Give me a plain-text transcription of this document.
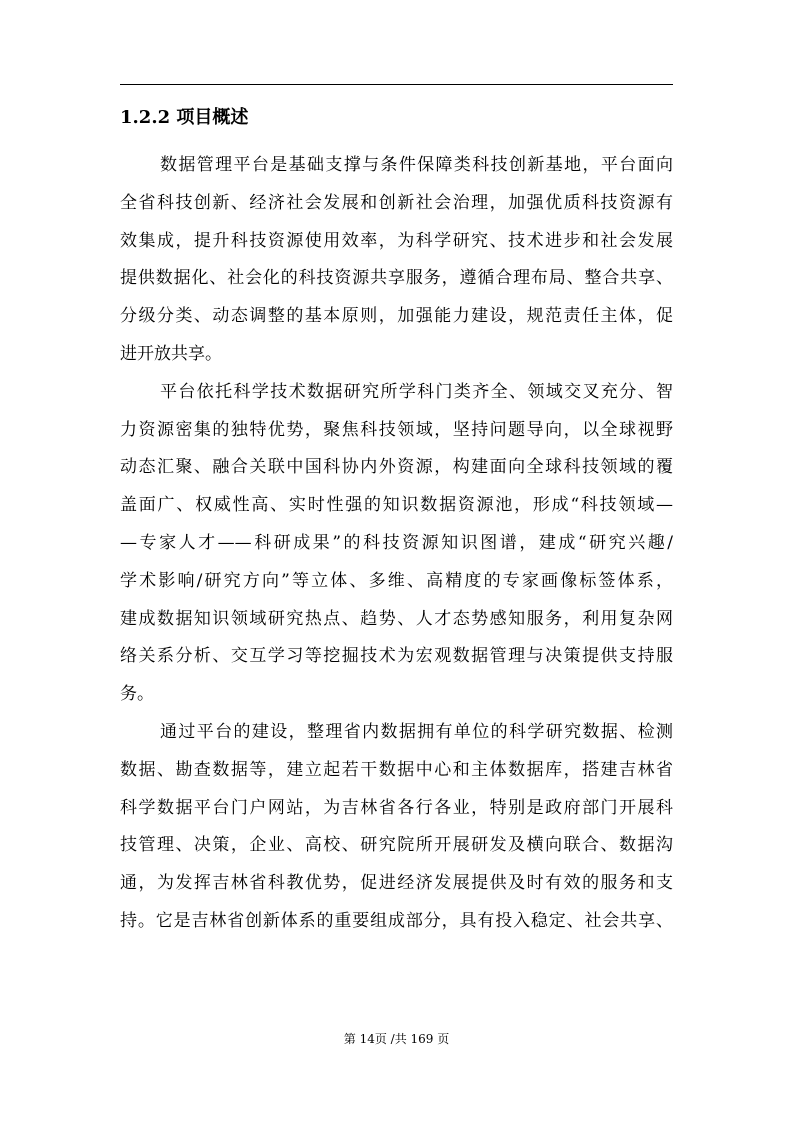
1.2.2 项目概述
数据管理平台是基础支撑与条件保障类科技创新基地，平台面向
全省科技创新、经济社会发展和创新社会治理，加强优质科技资源有
效集成，提升科技资源使用效率，为科学研究、技术进步和社会发展
提供数据化、社会化的科技资源共享服务，遵循合理布局、整合共享、
分级分类、动态调整的基本原则，加强能力建设，规范责任主体，促
进开放共享。
平台依托科学技术数据研究所学科门类齐全、领域交叉充分、智
力资源密集的独特优势，聚焦科技领域，坚持问题导向，以全球视野
动态汇聚、融合关联中国科协内外资源，构建面向全球科技领域的覆
盖面广、权威性高、实时性强的知识数据资源池，形成“科技领域—
—专家人才——科研成果”的科技资源知识图谱，建成“研究兴趣/
学术影响/研究方向”等立体、多维、高精度的专家画像标签体系，
建成数据知识领域研究热点、趋势、人才态势感知服务，利用复杂网
络关系分析、交互学习等挖掘技术为宏观数据管理与决策提供支持服
务。
通过平台的建设，整理省内数据拥有单位的科学研究数据、检测
数据、勘查数据等，建立起若干数据中心和主体数据库，搭建吉林省
科学数据平台门户网站，为吉林省各行各业，特别是政府部门开展科
技管理、决策，企业、高校、研究院所开展研发及横向联合、数据沟
通，为发挥吉林省科教优势，促进经济发展提供及时有效的服务和支
持。它是吉林省创新体系的重要组成部分，具有投入稳定、社会共享、
第 14页 /共 169 页
